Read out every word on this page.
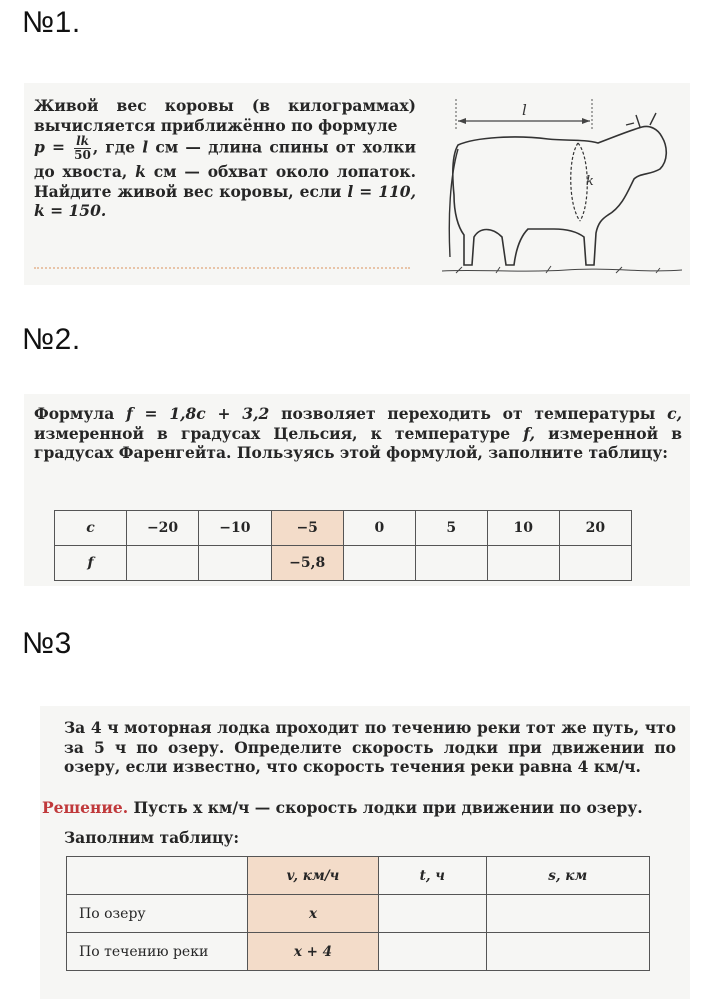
№1.

Живой вес коровы (в килограммах) вычисляется приближённо по формуле
$p = \frac{lk}{50}$ , где l см — длина спины от холки до хвоста, k см — обхват около лопаток. Найдите живой вес коровы, если l = 110, k = 150.

l
k
№2.

Формула f = 1,8c + 3,2 позволяет переходить от температуры c, измеренной в градусах Цельсия, к температуре f, измеренной в градусах Фаренгейта. Пользуясь этой формулой, заполните таблицу:

c	−20	−10	−5	0	5	10	20
f			−5,8				
№3

За 4 ч моторная лодка проходит по течению реки тот же путь, что за 5 ч по озеру. Определите скорость лодки при движении по озеру, если известно, что скорость течения реки равна 4 км/ч.

Решение. Пусть x км/ч — скорость лодки при движении по озеру.

Заполним таблицу:

	v, км/ч	t, ч	s, км
По озеру	x		
По течению реки	x + 4		
